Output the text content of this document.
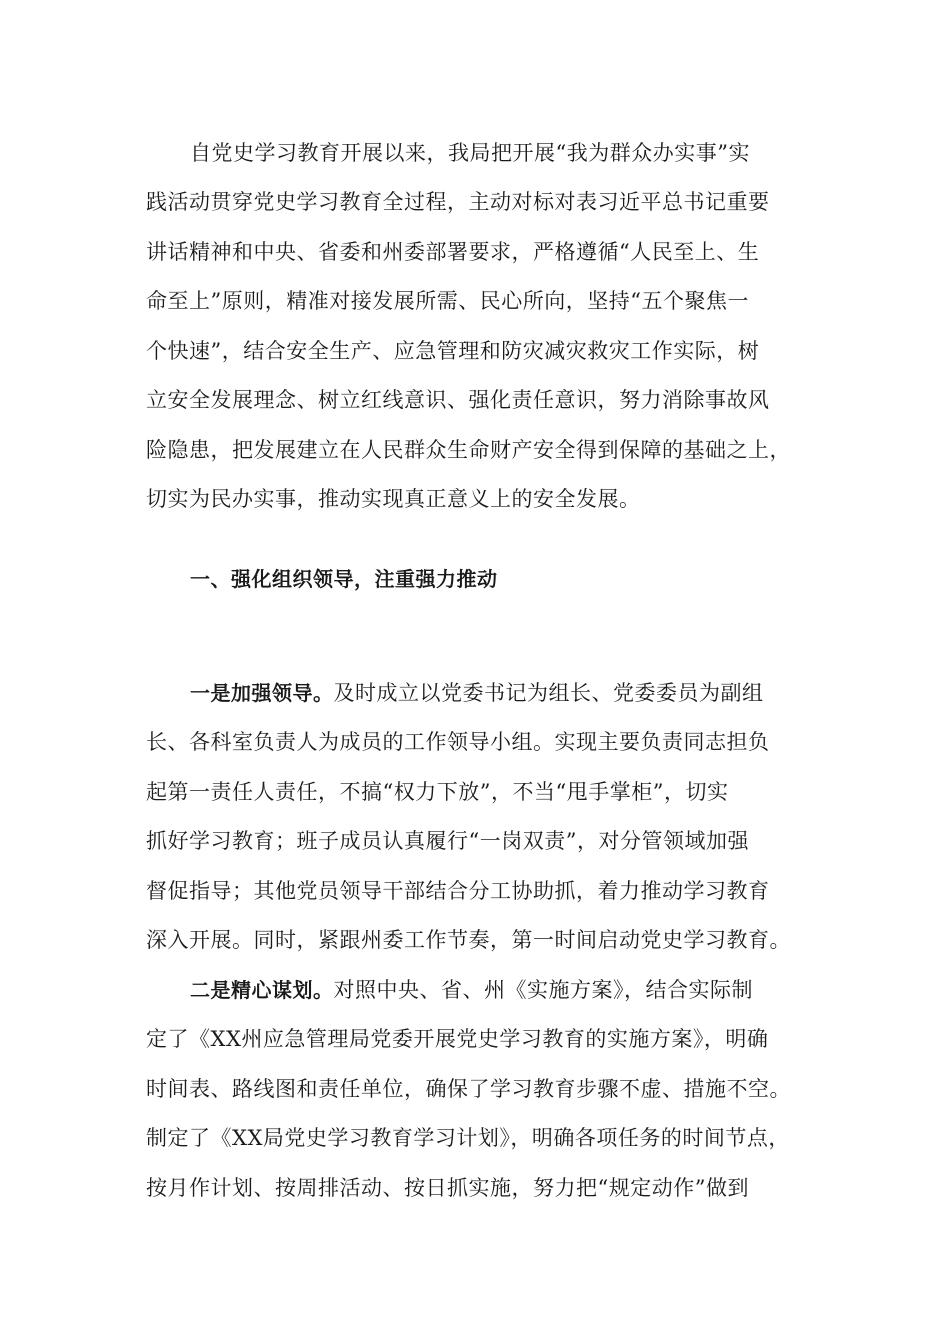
自党史学习教育开展以来，我局把开展“我为群众办实事”实
践活动贯穿党史学习教育全过程，主动对标对表习近平总书记重要
讲话精神和中央、省委和州委部署要求，严格遵循“人民至上、生
命至上”原则，精准对接发展所需、民心所向，坚持“五个聚焦一
个快速”，结合安全生产、应急管理和防灾减灾救灾工作实际，树
立安全发展理念、树立红线意识、强化责任意识，努力消除事故风
险隐患，把发展建立在人民群众生命财产安全得到保障的基础之上，
切实为民办实事，推动实现真正意义上的安全发展。
一、强化组织领导，注重强力推动
一是加强领导。及时成立以党委书记为组长、党委委员为副组
长、各科室负责人为成员的工作领导小组。实现主要负责同志担负
起第一责任人责任，不搞“权力下放”，不当“甩手掌柜”，切实
抓好学习教育；班子成员认真履行“一岗双责”，对分管领域加强
督促指导；其他党员领导干部结合分工协助抓，着力推动学习教育
深入开展。同时，紧跟州委工作节奏，第一时间启动党史学习教育。
二是精心谋划。对照中央、省、州《实施方案》，结合实际制
定了《XX州应急管理局党委开展党史学习教育的实施方案》，明确
时间表、路线图和责任单位，确保了学习教育步骤不虚、措施不空。
制定了《XX局党史学习教育学习计划》，明确各项任务的时间节点，
按月作计划、按周排活动、按日抓实施，努力把“规定动作”做到
